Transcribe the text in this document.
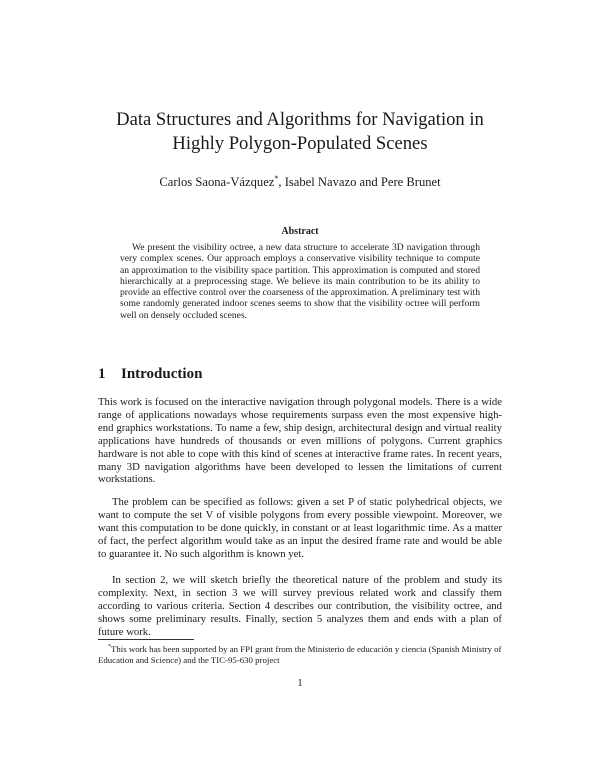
Data Structures and Algorithms for Navigation in
Highly Polygon-Populated Scenes

Carlos Saona-Vázquez*, Isabel Navazo and Pere Brunet

Abstract

We present the visibility octree, a new data structure to accelerate 3D navigation through very complex scenes. Our approach employs a conservative visibility technique to compute an approximation to the visibility space partition. This approximation is computed and stored hierarchically at a preprocessing stage. We believe its main contribution to be its ability to provide an effective control over the coarseness of the approximation. A preliminary test with some randomly generated indoor scenes seems to show that the visibility octree will perform well on densely occluded scenes.

1 Introduction

This work is focused on the interactive navigation through polygonal models. There is a wide range of applications nowadays whose requirements surpass even the most expensive high-end graphics workstations. To name a few, ship design, architectural design and virtual reality applications have hundreds of thousands or even millions of polygons. Current graphics hardware is not able to cope with this kind of scenes at interactive frame rates. In recent years, many 3D navigation algorithms have been developed to lessen the limitations of current workstations.

The problem can be specified as follows: given a set P of static polyhedrical objects, we want to compute the set V of visible polygons from every possible viewpoint. Moreover, we want this computation to be done quickly, in constant or at least logarithmic time. As a matter of fact, the perfect algorithm would take as an input the desired frame rate and would be able to guarantee it. No such algorithm is known yet.

In section 2, we will sketch briefly the theoretical nature of the problem and study its complexity. Next, in section 3 we will survey previous related work and classify them according to various criteria. Section 4 describes our contribution, the visibility octree, and shows some preliminary results. Finally, section 5 analyzes them and ends with a plan of future work.

*This work has been supported by an FPI grant from the Ministerio de educación y ciencia (Spanish Ministry of Education and Science) and the TIC-95-630 project

1
